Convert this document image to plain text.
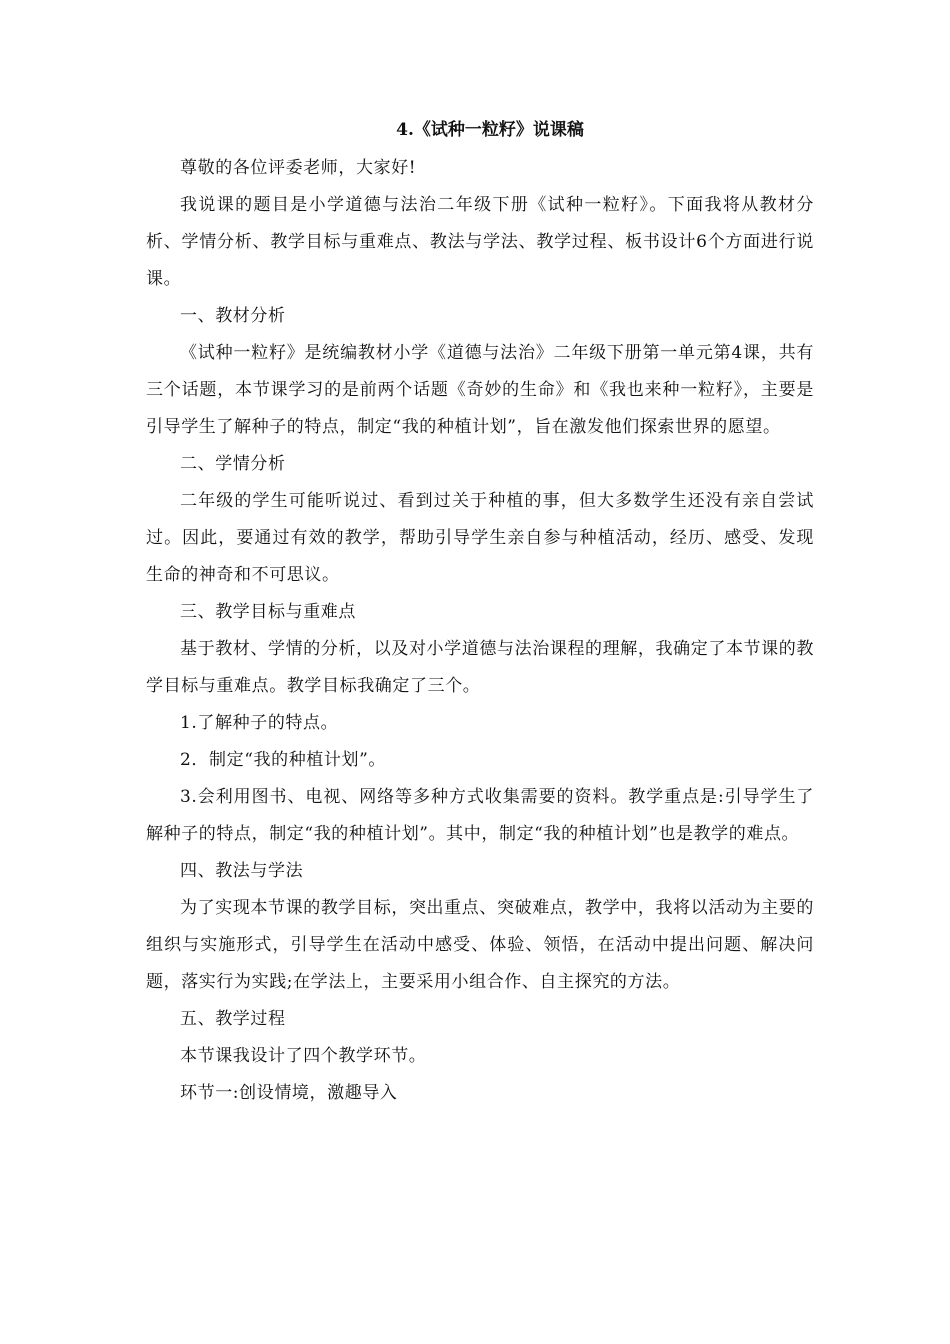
4.《试种一粒籽》说课稿

尊敬的各位评委老师，大家好!

我说课的题目是小学道德与法治二年级下册《试种一粒籽》。下面我将从教材分析、学情分析、教学目标与重难点、教法与学法、教学过程、板书设计6个方面进行说课。

一、教材分析

《试种一粒籽》是统编教材小学《道德与法治》二年级下册第一单元第4课，共有三个话题，本节课学习的是前两个话题《奇妙的生命》和《我也来种一粒籽》，主要是引导学生了解种子的特点，制定“我的种植计划”，旨在激发他们探索世界的愿望。

二、学情分析

二年级的学生可能听说过、看到过关于种植的事，但大多数学生还没有亲自尝试过。因此，要通过有效的教学，帮助引导学生亲自参与种植活动，经历、感受、发现生命的神奇和不可思议。

三、教学目标与重难点

基于教材、学情的分析，以及对小学道德与法治课程的理解，我确定了本节课的教学目标与重难点。教学目标我确定了三个。

1.了解种子的特点。

2．制定“我的种植计划”。

3.会利用图书、电视、网络等多种方式收集需要的资料。教学重点是:引导学生了解种子的特点，制定“我的种植计划”。其中，制定“我的种植计划”也是教学的难点。

四、教法与学法

为了实现本节课的教学目标，突出重点、突破难点，教学中，我将以活动为主要的组织与实施形式，引导学生在活动中感受、体验、领悟，在活动中提出问题、解决问题，落实行为实践;在学法上，主要采用小组合作、自主探究的方法。

五、教学过程

本节课我设计了四个教学环节。

环节一:创设情境，激趣导入
